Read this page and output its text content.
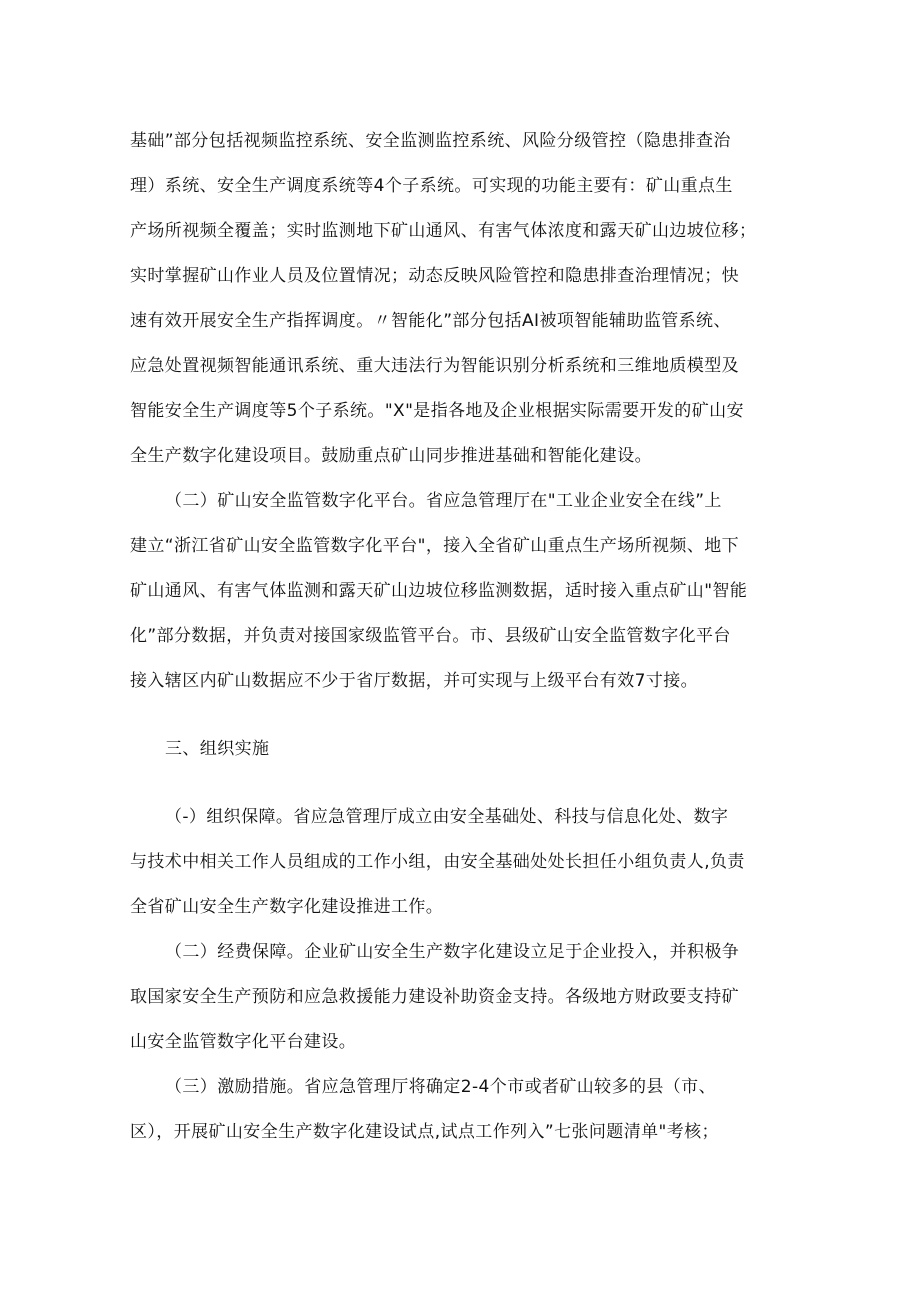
基础”部分包括视频监控系统、安全监测监控系统、风险分级管控（隐患排查治
理）系统、安全生产调度系统等4个子系统。可实现的功能主要有：矿山重点生
产场所视频全覆盖；实时监测地下矿山通风、有害气体浓度和露天矿山边坡位移；
实时掌握矿山作业人员及位置情况；动态反映风险管控和隐患排查治理情况；快
速有效开展安全生产指挥调度。〃智能化”部分包括AI被项智能辅助监管系统、
应急处置视频智能通讯系统、重大违法行为智能识别分析系统和三维地质模型及
智能安全生产调度等5个子系统。"X"是指各地及企业根据实际需要开发的矿山安
全生产数字化建设项目。鼓励重点矿山同步推进基础和智能化建设。
（二）矿山安全监管数字化平台。省应急管理厅在"工业企业安全在线”上
建立“浙江省矿山安全监管数字化平台"，接入全省矿山重点生产场所视频、地下
矿山通风、有害气体监测和露天矿山边坡位移监测数据，适时接入重点矿山"智能
化”部分数据，并负责对接国家级监管平台。市、县级矿山安全监管数字化平台
接入辖区内矿山数据应不少于省厅数据，并可实现与上级平台有效7寸接。
三、组织实施
（-）组织保障。省应急管理厅成立由安全基础处、科技与信息化处、数字
与技术中相关工作人员组成的工作小组，由安全基础处处长担任小组负责人,负责
全省矿山安全生产数字化建设推进工作。
（二）经费保障。企业矿山安全生产数字化建设立足于企业投入，并积极争
取国家安全生产预防和应急救援能力建设补助资金支持。各级地方财政要支持矿
山安全监管数字化平台建设。
（三）激励措施。省应急管理厅将确定2-4个市或者矿山较多的县（市、
区），开展矿山安全生产数字化建设试点,试点工作列入”七张问题清单"考核；
